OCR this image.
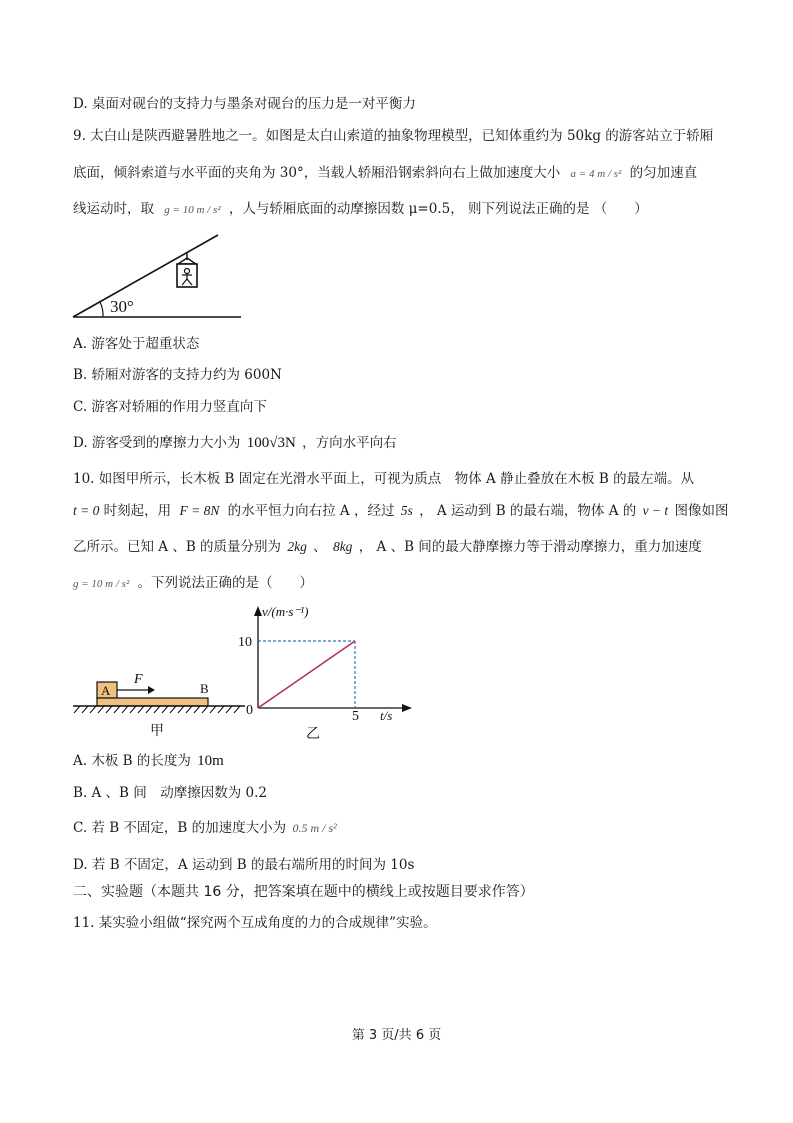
D. 桌面对砚台的支持力与墨条对砚台的压力是一对平衡力
9. 太白山是陕西避暑胜地之一。如图是太白山索道的抽象物理模型，已知体重约为 50kg 的游客站立于轿厢
底面，倾斜索道与水平面的夹角为 30°，当载人轿厢沿钢索斜向右上做加速度大小 a = 4 m / s² 的匀加速直
线运动时，取 g = 10 m / s² ，人与轿厢底面的动摩擦因数 μ=0.5， 则下列说法正确的是 （　　）
30°
A. 游客处于超重状态
B. 轿厢对游客的支持力约为 600N
C. 游客对轿厢的作用力竖直向下
D. 游客受到的摩擦力大小为 100√3N ，方向水平向右
10. 如图甲所示，长木板 B 固定在光滑水平面上，可视为质点　物体 A 静止叠放在木板 B 的最左端。从
t = 0 时刻起，用 F = 8N 的水平恒力向右拉 A ，经过 5s ， A 运动到 B 的最右端，物体 A 的 v − t 图像如图
乙所示。已知 A 、B 的质量分别为 2kg 、 8kg ， A 、B 间的最大静摩擦力等于滑动摩擦力，重力加速度
g = 10 m / s² 。下列说法正确的是（　　）
A
F
B
甲
v/(m·s⁻¹)
10
0	5 t/s
乙
A. 木板 B 的长度为 10m
B. A 、B 间　动摩擦因数为 0.2
C. 若 B 不固定，B 的加速度大小为 0.5 m / s²
D. 若 B 不固定，A 运动到 B 的最右端所用的时间为 10s
二、实验题（本题共 16 分，把答案填在题中的横线上或按题目要求作答）
11. 某实验小组做“探究两个互成角度的力的合成规律”实验。
第 3 页/共 6 页
